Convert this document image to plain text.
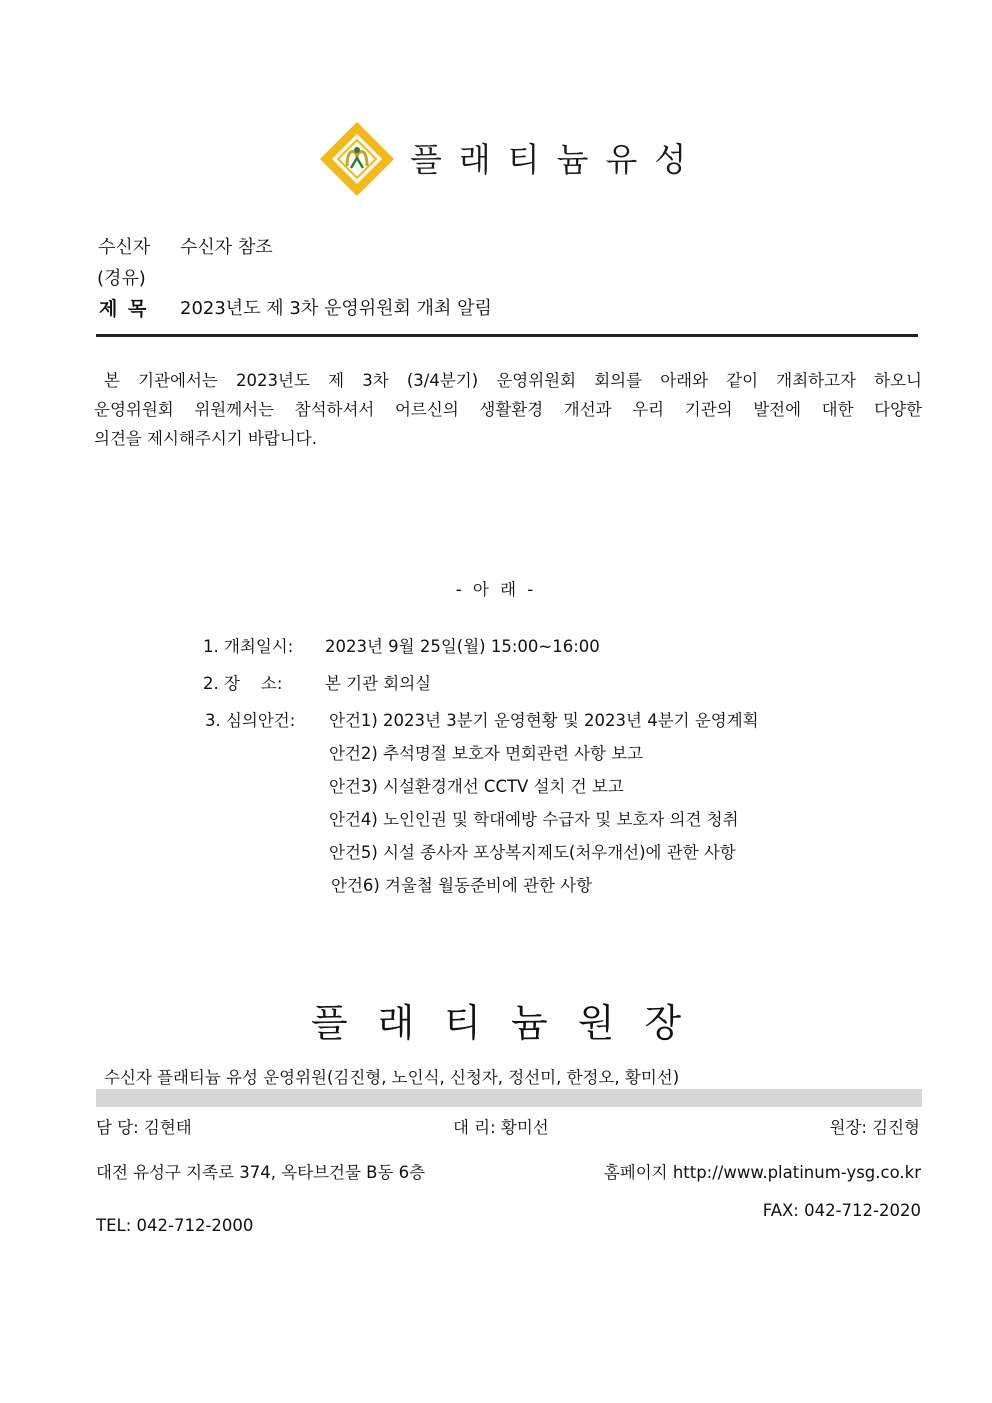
플래티늄유성
수신자 수신자 참조
(경유)
제 목 2023년도 제 3차 운영위원회 개최 알림
본 기관에서는 2023년도 제 3차 (3/4분기) 운영위원회 회의를 아래와 같이 개최하고자 하오니
운영위원회 위원께서는 참석하셔서 어르신의 생활환경 개선과 우리 기관의 발전에 대한 다양한
의견을 제시해주시기 바랍니다.
- 아 래 -
1. 개최일시: 2023년 9월 25일(월) 15:00~16:00
2. 장    소:	본 기관 회의실
3. 심의안건: 안건1) 2023년 3분기 운영현황 및 2023년 4분기 운영계획
안건2) 추석명절 보호자 면회관련 사항 보고
안건3) 시설환경개선 CCTV 설치 건 보고
안건4) 노인인권 및 학대예방 수급자 및 보호자 의견 청취
안건5) 시설 종사자 포상복지제도(처우개선)에 관한 사항
안건6) 겨울철 월동준비에 관한 사항
플래티늄원장
수신자 플래티늄 유성 운영위원(김진형, 노인식, 신청자, 정선미, 한정오, 황미선)
담 당: 김현태	대 리: 황미선	원장: 김진형
대전 유성구 지족로 374, 옥타브건물 B동 6층	홈페이지 http://www.platinum-ysg.co.kr
FAX: 042-712-2020
TEL: 042-712-2000
